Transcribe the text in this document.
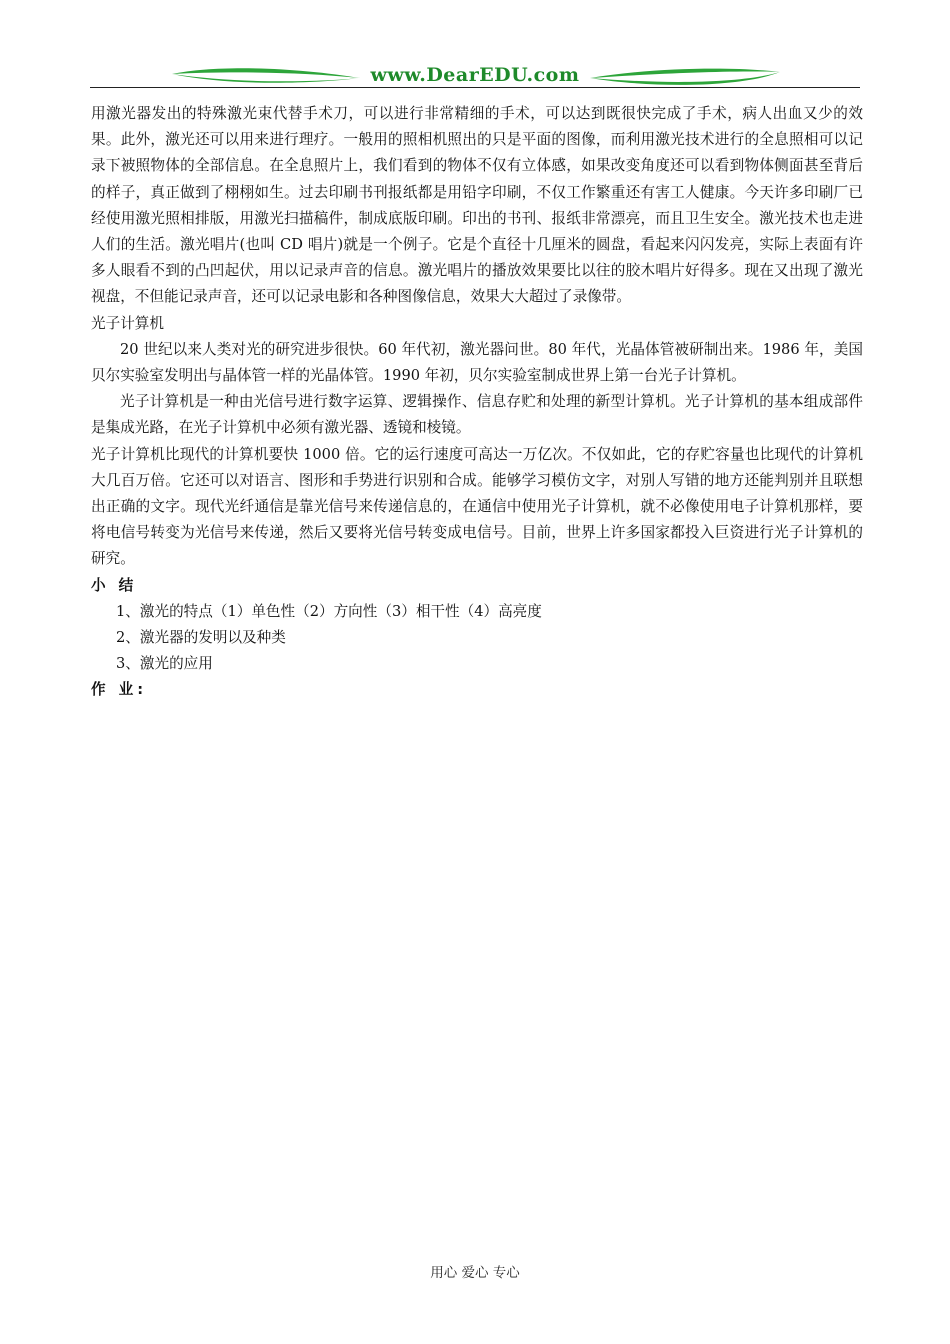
www.DearEDU.com

用激光器发出的特殊激光束代替手术刀，可以进行非常精细的手术，可以达到既很快完成了手术，病人出血又少的效果。此外，激光还可以用来进行理疗。一般用的照相机照出的只是平面的图像，而利用激光技术进行的全息照相可以记录下被照物体的全部信息。在全息照片上，我们看到的物体不仅有立体感，如果改变角度还可以看到物体侧面甚至背后的样子，真正做到了栩栩如生。过去印刷书刊报纸都是用铅字印刷，不仅工作繁重还有害工人健康。今天许多印刷厂已经使用激光照相排版，用激光扫描稿件，制成底版印刷。印出的书刊、报纸非常漂亮，而且卫生安全。激光技术也走进人们的生活。激光唱片(也叫 CD 唱片)就是一个例子。它是个直径十几厘米的圆盘，看起来闪闪发亮，实际上表面有许多人眼看不到的凸凹起伏，用以记录声音的信息。激光唱片的播放效果要比以往的胶木唱片好得多。现在又出现了激光视盘，不但能记录声音，还可以记录电影和各种图像信息，效果大大超过了录像带。

光子计算机

20 世纪以来人类对光的研究进步很快。60 年代初，激光器问世。80 年代，光晶体管被研制出来。1986 年，美国贝尔实验室发明出与晶体管一样的光晶体管。1990 年初，贝尔实验室制成世界上第一台光子计算机。

光子计算机是一种由光信号进行数字运算、逻辑操作、信息存贮和处理的新型计算机。光子计算机的基本组成部件是集成光路，在光子计算机中必须有激光器、透镜和棱镜。

光子计算机比现代的计算机要快 1000 倍。它的运行速度可高达一万亿次。不仅如此，它的存贮容量也比现代的计算机大几百万倍。它还可以对语言、图形和手势进行识别和合成。能够学习模仿文字，对别人写错的地方还能判别并且联想出正确的文字。现代光纤通信是靠光信号来传递信息的，在通信中使用光子计算机，就不必像使用电子计算机那样，要将电信号转变为光信号来传递，然后又要将光信号转变成电信号。目前，世界上许多国家都投入巨资进行光子计算机的研究。

小 结

1、激光的特点（1）单色性（2）方向性（3）相干性（4）高亮度

2、激光器的发明以及种类

3、激光的应用

作 业:

用心 爱心 专心
